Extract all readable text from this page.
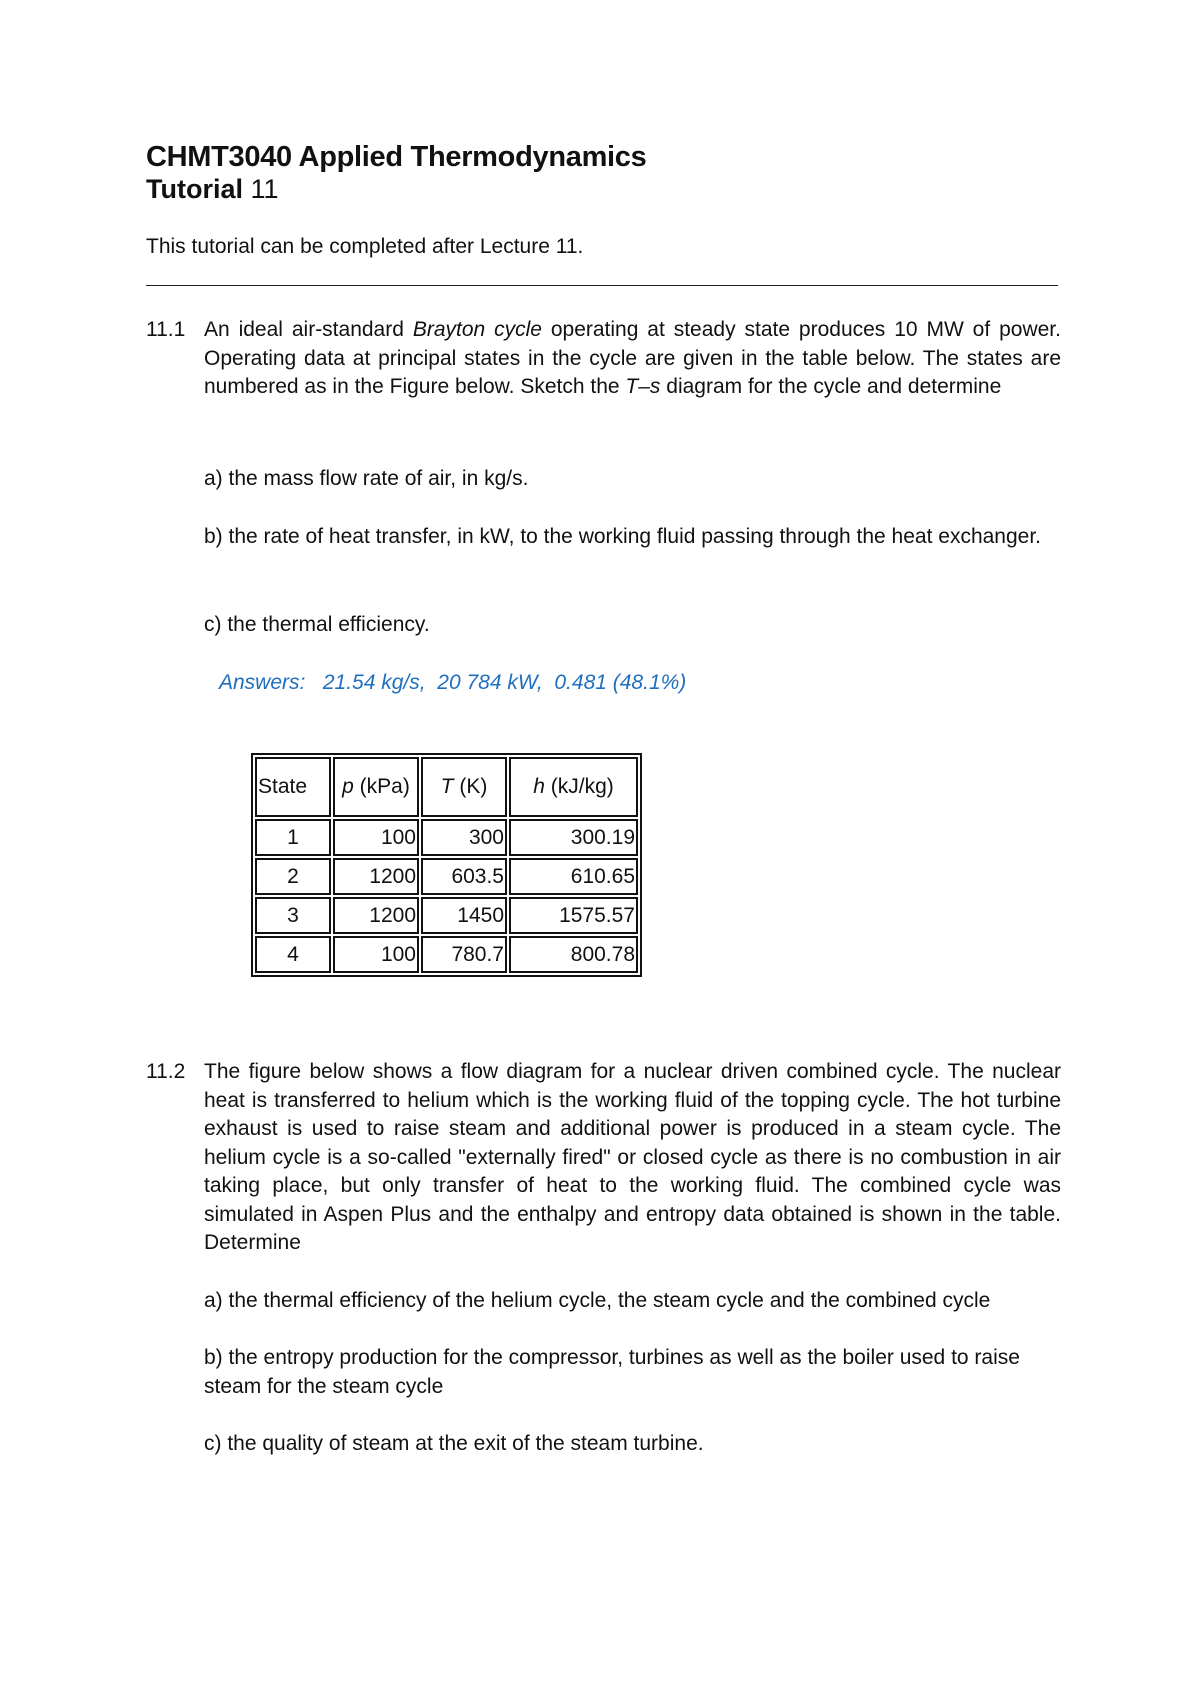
CHMT3040 Applied Thermodynamics
Tutorial 11
This tutorial can be completed after Lecture 11.
11.1 An ideal air-standard Brayton cycle operating at steady state produces 10 MW of power. Operating data at principal states in the cycle are given in the table below. The states are numbered as in the Figure below. Sketch the T–s diagram for the cycle and determine
a) the mass flow rate of air, in kg/s.
b) the rate of heat transfer, in kW, to the working fluid passing through the heat exchanger.
c) the thermal efficiency.
Answers:   21.54 kg/s,  20 784 kW,  0.481 (48.1%)
State	p (kPa)	T (K)	h (kJ/kg)
1	100	300	300.19
2	1200	603.5	610.65
3	1200	1450	1575.57
4	100	780.7	800.78
11.2 The figure below shows a flow diagram for a nuclear driven combined cycle. The nuclear heat is transferred to helium which is the working fluid of the topping cycle. The hot turbine exhaust is used to raise steam and additional power is produced in a steam cycle. The helium cycle is a so-called "externally fired" or closed cycle as there is no combustion in air taking place, but only transfer of heat to the working fluid. The combined cycle was simulated in Aspen Plus and the enthalpy and entropy data obtained is shown in the table. Determine
a) the thermal efficiency of the helium cycle, the steam cycle and the combined cycle
b) the entropy production for the compressor, turbines as well as the boiler used to raise steam for the steam cycle
c) the quality of steam at the exit of the steam turbine.
